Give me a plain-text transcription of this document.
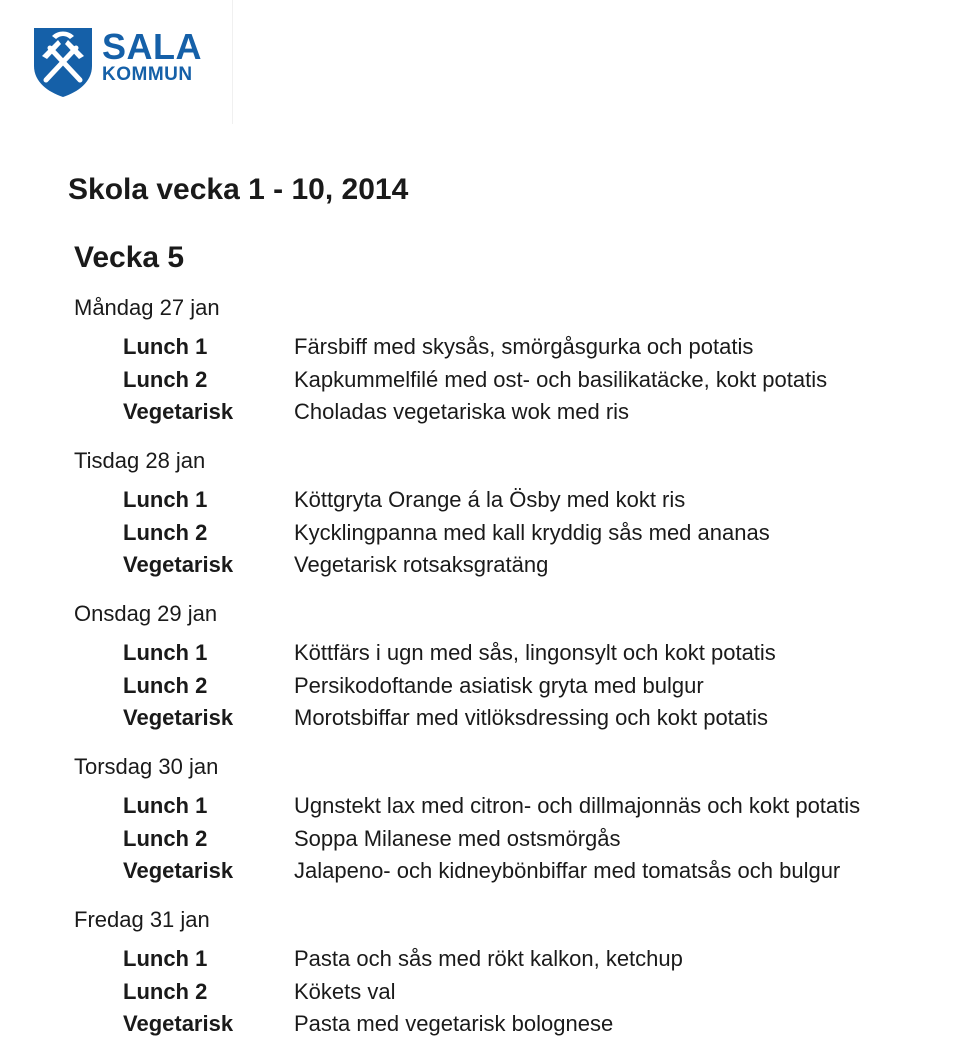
SALA
KOMMUN
Skola vecka 1 - 10, 2014
Vecka 5
Måndag 27 jan
Lunch 1	Färsbiff med skysås, smörgåsgurka och potatis
Lunch 2	Kapkummelfilé med ost- och basilikatäcke, kokt potatis
Vegetarisk	Choladas vegetariska wok med ris
Tisdag 28 jan
Lunch 1	Köttgryta Orange á la Ösby med kokt ris
Lunch 2	Kycklingpanna med kall kryddig sås med ananas
Vegetarisk	Vegetarisk rotsaksgratäng
Onsdag 29 jan
Lunch 1	Köttfärs i ugn med sås, lingonsylt och kokt potatis
Lunch 2	Persikodoftande asiatisk gryta med bulgur
Vegetarisk	Morotsbiffar med vitlöksdressing och kokt potatis
Torsdag 30 jan
Lunch 1	Ugnstekt lax med citron- och dillmajonnäs och kokt potatis
Lunch 2	Soppa Milanese med ostsmörgås
Vegetarisk	Jalapeno- och kidneybönbiffar med tomatsås och bulgur
Fredag 31 jan
Lunch 1	Pasta och sås med rökt kalkon, ketchup
Lunch 2	Kökets val
Vegetarisk	Pasta med vegetarisk bolognese
